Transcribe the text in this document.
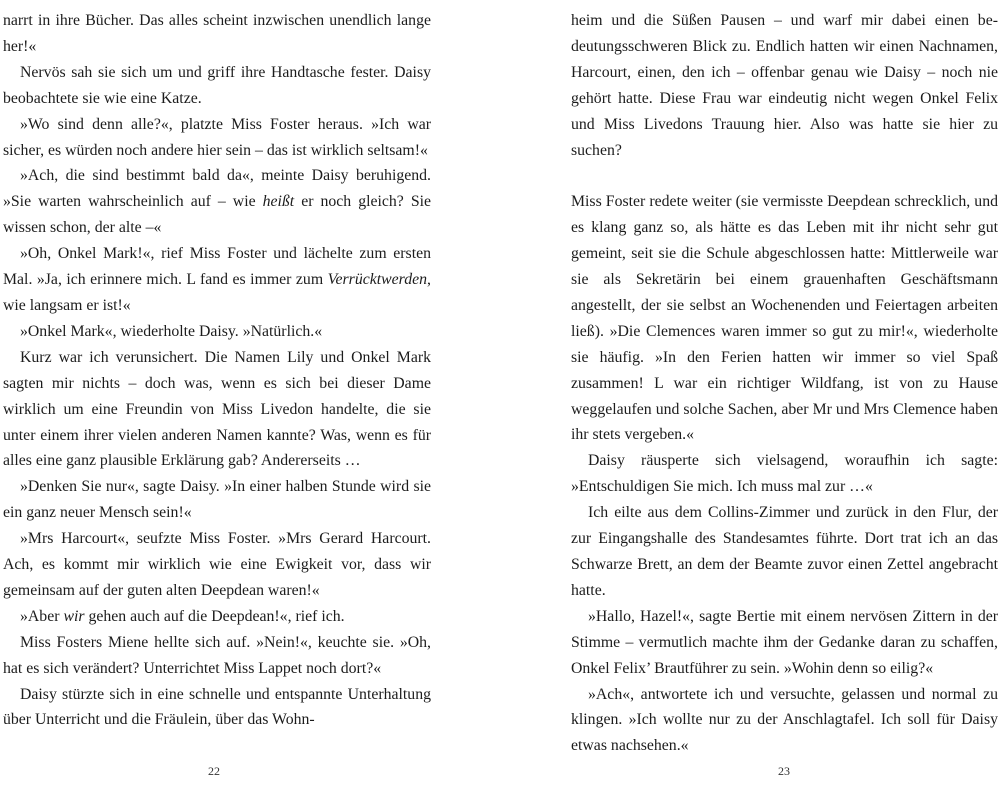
narrt in ihre Bücher. Das alles scheint inzwischen unendlich lange her!«

Nervös sah sie sich um und griff ihre Handtasche fester. Daisy beobachtete sie wie eine Katze.

»Wo sind denn alle?«, platzte Miss Foster heraus. »Ich war sicher, es würden noch andere hier sein – das ist wirklich seltsam!«

»Ach, die sind bestimmt bald da«, meinte Daisy beruhigend. »Sie warten wahrscheinlich auf – wie heißt er noch gleich? Sie wissen schon, der alte –«

»Oh, Onkel Mark!«, rief Miss Foster und lächelte zum ersten Mal. »Ja, ich erinnere mich. L fand es immer zum Verrücktwerden, wie langsam er ist!«

»Onkel Mark«, wiederholte Daisy. »Natürlich.«

Kurz war ich verunsichert. Die Namen Lily und Onkel Mark sagten mir nichts – doch was, wenn es sich bei dieser Dame wirklich um eine Freundin von Miss Livedon handelte, die sie unter einem ihrer vielen anderen Namen kannte? Was, wenn es für alles eine ganz plausible Erklärung gab? Andererseits …

»Denken Sie nur«, sagte Daisy. »In einer halben Stunde wird sie ein ganz neuer Mensch sein!«

»Mrs Harcourt«, seufzte Miss Foster. »Mrs Gerard Harcourt. Ach, es kommt mir wirklich wie eine Ewigkeit vor, dass wir gemeinsam auf der guten alten Deepdean waren!«

»Aber wir gehen auch auf die Deepdean!«, rief ich.

Miss Fosters Miene hellte sich auf. »Nein!«, keuchte sie. »Oh, hat es sich verändert? Unterrichtet Miss Lappet noch dort?«

Daisy stürzte sich in eine schnelle und entspannte Unterhaltung über Unterricht und die Fräulein, über das Wohn-

heim und die Süßen Pausen – und warf mir dabei einen bedeutungsschweren Blick zu. Endlich hatten wir einen Nachnamen, Harcourt, einen, den ich – offenbar genau wie Daisy – noch nie gehört hatte. Diese Frau war eindeutig nicht wegen Onkel Felix und Miss Livedons Trauung hier. Also was hatte sie hier zu suchen?

Miss Foster redete weiter (sie vermisste Deepdean schrecklich, und es klang ganz so, als hätte es das Leben mit ihr nicht sehr gut gemeint, seit sie die Schule abgeschlossen hatte: Mittlerweile war sie als Sekretärin bei einem grauenhaften Geschäftsmann angestellt, der sie selbst an Wochenenden und Feiertagen arbeiten ließ). »Die Clemences waren immer so gut zu mir!«, wiederholte sie häufig. »In den Ferien hatten wir immer so viel Spaß zusammen! L war ein richtiger Wildfang, ist von zu Hause weggelaufen und solche Sachen, aber Mr und Mrs Clemence haben ihr stets vergeben.«

Daisy räusperte sich vielsagend, woraufhin ich sagte: »Entschuldigen Sie mich. Ich muss mal zur …«

Ich eilte aus dem Collins-Zimmer und zurück in den Flur, der zur Eingangshalle des Standesamtes führte. Dort trat ich an das Schwarze Brett, an dem der Beamte zuvor einen Zettel angebracht hatte.

»Hallo, Hazel!«, sagte Bertie mit einem nervösen Zittern in der Stimme – vermutlich machte ihm der Gedanke daran zu schaffen, Onkel Felix’ Brautführer zu sein. »Wohin denn so eilig?«

»Ach«, antwortete ich und versuchte, gelassen und normal zu klingen. »Ich wollte nur zu der Anschlagtafel. Ich soll für Daisy etwas nachsehen.«

22	23
